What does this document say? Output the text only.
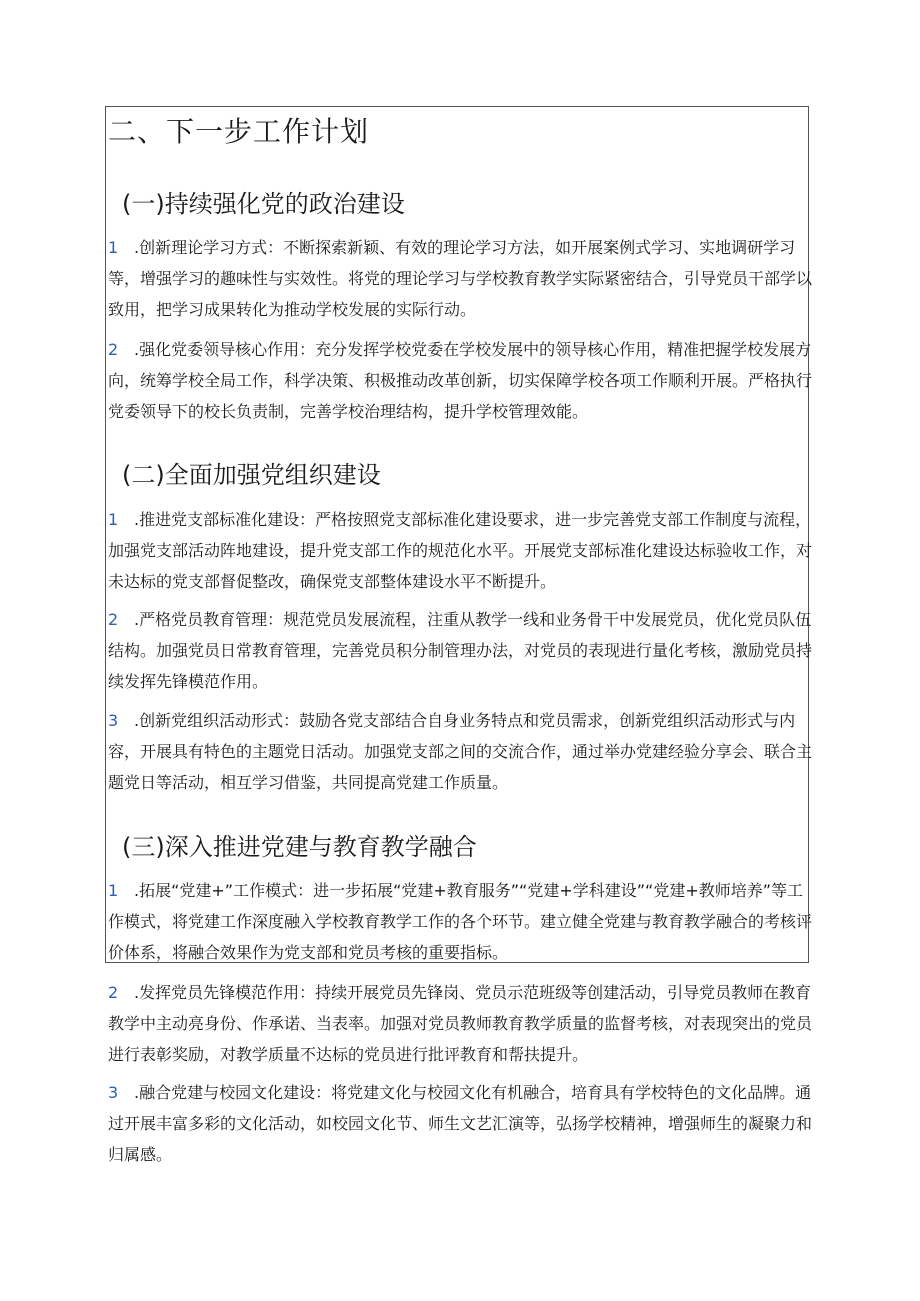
二、下一步工作计划
(一)持续强化党的政治建设
1 .创新理论学习方式：不断探索新颖、有效的理论学习方法，如开展案例式学习、实地调研学习等，增强学习的趣味性与实效性。将党的理论学习与学校教育教学实际紧密结合，引导党员干部学以致用，把学习成果转化为推动学校发展的实际行动。
2 .强化党委领导核心作用：充分发挥学校党委在学校发展中的领导核心作用，精准把握学校发展方向，统筹学校全局工作，科学决策、积极推动改革创新，切实保障学校各项工作顺利开展。严格执行党委领导下的校长负责制，完善学校治理结构，提升学校管理效能。
(二)全面加强党组织建设
1 .推进党支部标准化建设：严格按照党支部标准化建设要求，进一步完善党支部工作制度与流程，加强党支部活动阵地建设，提升党支部工作的规范化水平。开展党支部标准化建设达标验收工作，对未达标的党支部督促整改，确保党支部整体建设水平不断提升。
2 .严格党员教育管理：规范党员发展流程，注重从教学一线和业务骨干中发展党员，优化党员队伍结构。加强党员日常教育管理，完善党员积分制管理办法，对党员的表现进行量化考核，激励党员持续发挥先锋模范作用。
3 .创新党组织活动形式：鼓励各党支部结合自身业务特点和党员需求，创新党组织活动形式与内容，开展具有特色的主题党日活动。加强党支部之间的交流合作，通过举办党建经验分享会、联合主题党日等活动，相互学习借鉴，共同提高党建工作质量。
(三)深入推进党建与教育教学融合
1 .拓展“党建+”工作模式：进一步拓展“党建+教育服务”“党建+学科建设”“党建+教师培养”等工作模式，将党建工作深度融入学校教育教学工作的各个环节。建立健全党建与教育教学融合的考核评价体系，将融合效果作为党支部和党员考核的重要指标。
2 .发挥党员先锋模范作用：持续开展党员先锋岗、党员示范班级等创建活动，引导党员教师在教育教学中主动亮身份、作承诺、当表率。加强对党员教师教育教学质量的监督考核，对表现突出的党员进行表彰奖励，对教学质量不达标的党员进行批评教育和帮扶提升。
3 .融合党建与校园文化建设：将党建文化与校园文化有机融合，培育具有学校特色的文化品牌。通过开展丰富多彩的文化活动，如校园文化节、师生文艺汇演等，弘扬学校精神，增强师生的凝聚力和归属感。
